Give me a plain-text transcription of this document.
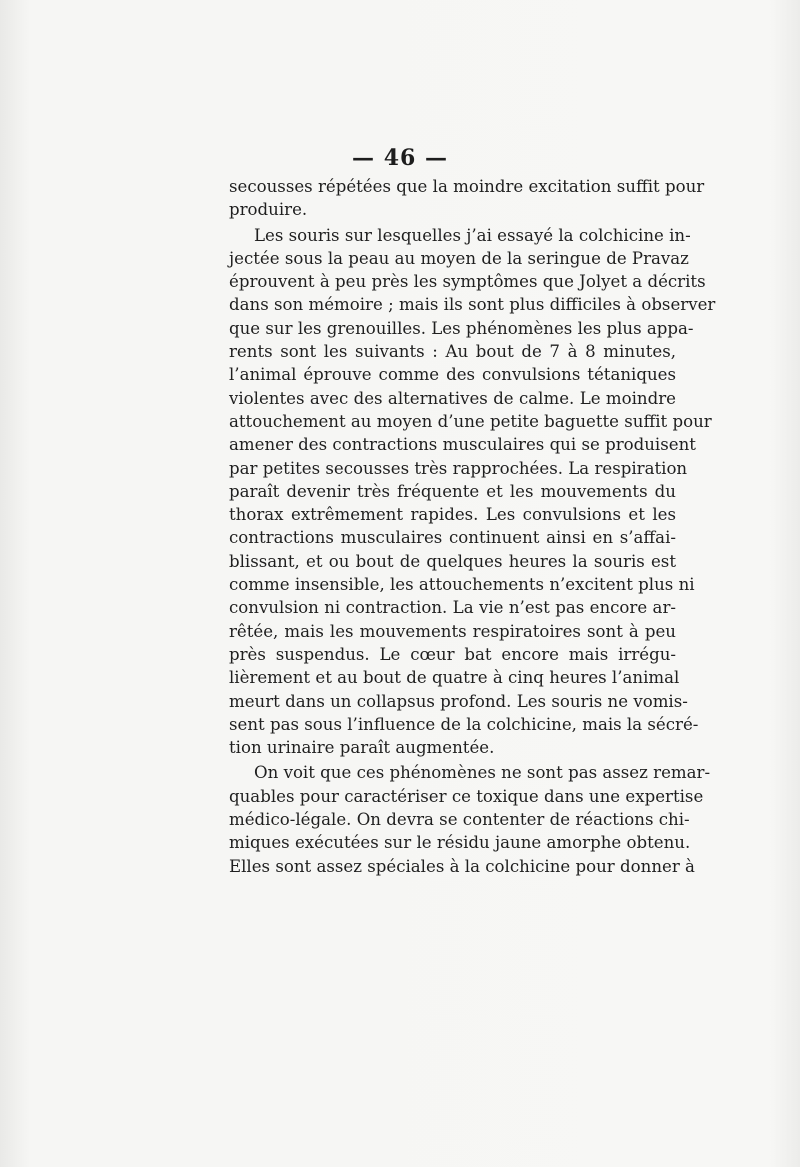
— 46 —
secousses répétées que la moindre excitation suffit pour
produire.
Les souris sur lesquelles j’ai essayé la colchicine in-
jectée sous la peau au moyen de la seringue de Pravaz
éprouvent à peu près les symptômes que Jolyet a décrits
dans son mémoire ; mais ils sont plus difficiles à observer
que sur les grenouilles. Les phénomènes les plus appa-
rents sont les suivants : Au bout de 7 à 8 minutes,
l’animal éprouve comme des convulsions tétaniques
violentes avec des alternatives de calme. Le moindre
attouchement au moyen d’une petite baguette suffit pour
amener des contractions musculaires qui se produisent
par petites secousses très rapprochées. La respiration
paraît devenir très fréquente et les mouvements du
thorax extrêmement rapides. Les convulsions et les
contractions musculaires continuent ainsi en s’affai-
blissant, et ou bout de quelques heures la souris est
comme insensible, les attouchements n’excitent plus ni
convulsion ni contraction. La vie n’est pas encore ar-
rêtée, mais les mouvements respiratoires sont à peu
près suspendus. Le cœur bat encore mais irrégu-
lièrement et au bout de quatre à cinq heures l’animal
meurt dans un collapsus profond. Les souris ne vomis-
sent pas sous l’influence de la colchicine, mais la sécré-
tion urinaire paraît augmentée.
On voit que ces phénomènes ne sont pas assez remar-
quables pour caractériser ce toxique dans une expertise
médico-légale. On devra se contenter de réactions chi-
miques exécutées sur le résidu jaune amorphe obtenu.
Elles sont assez spéciales à la colchicine pour donner à
